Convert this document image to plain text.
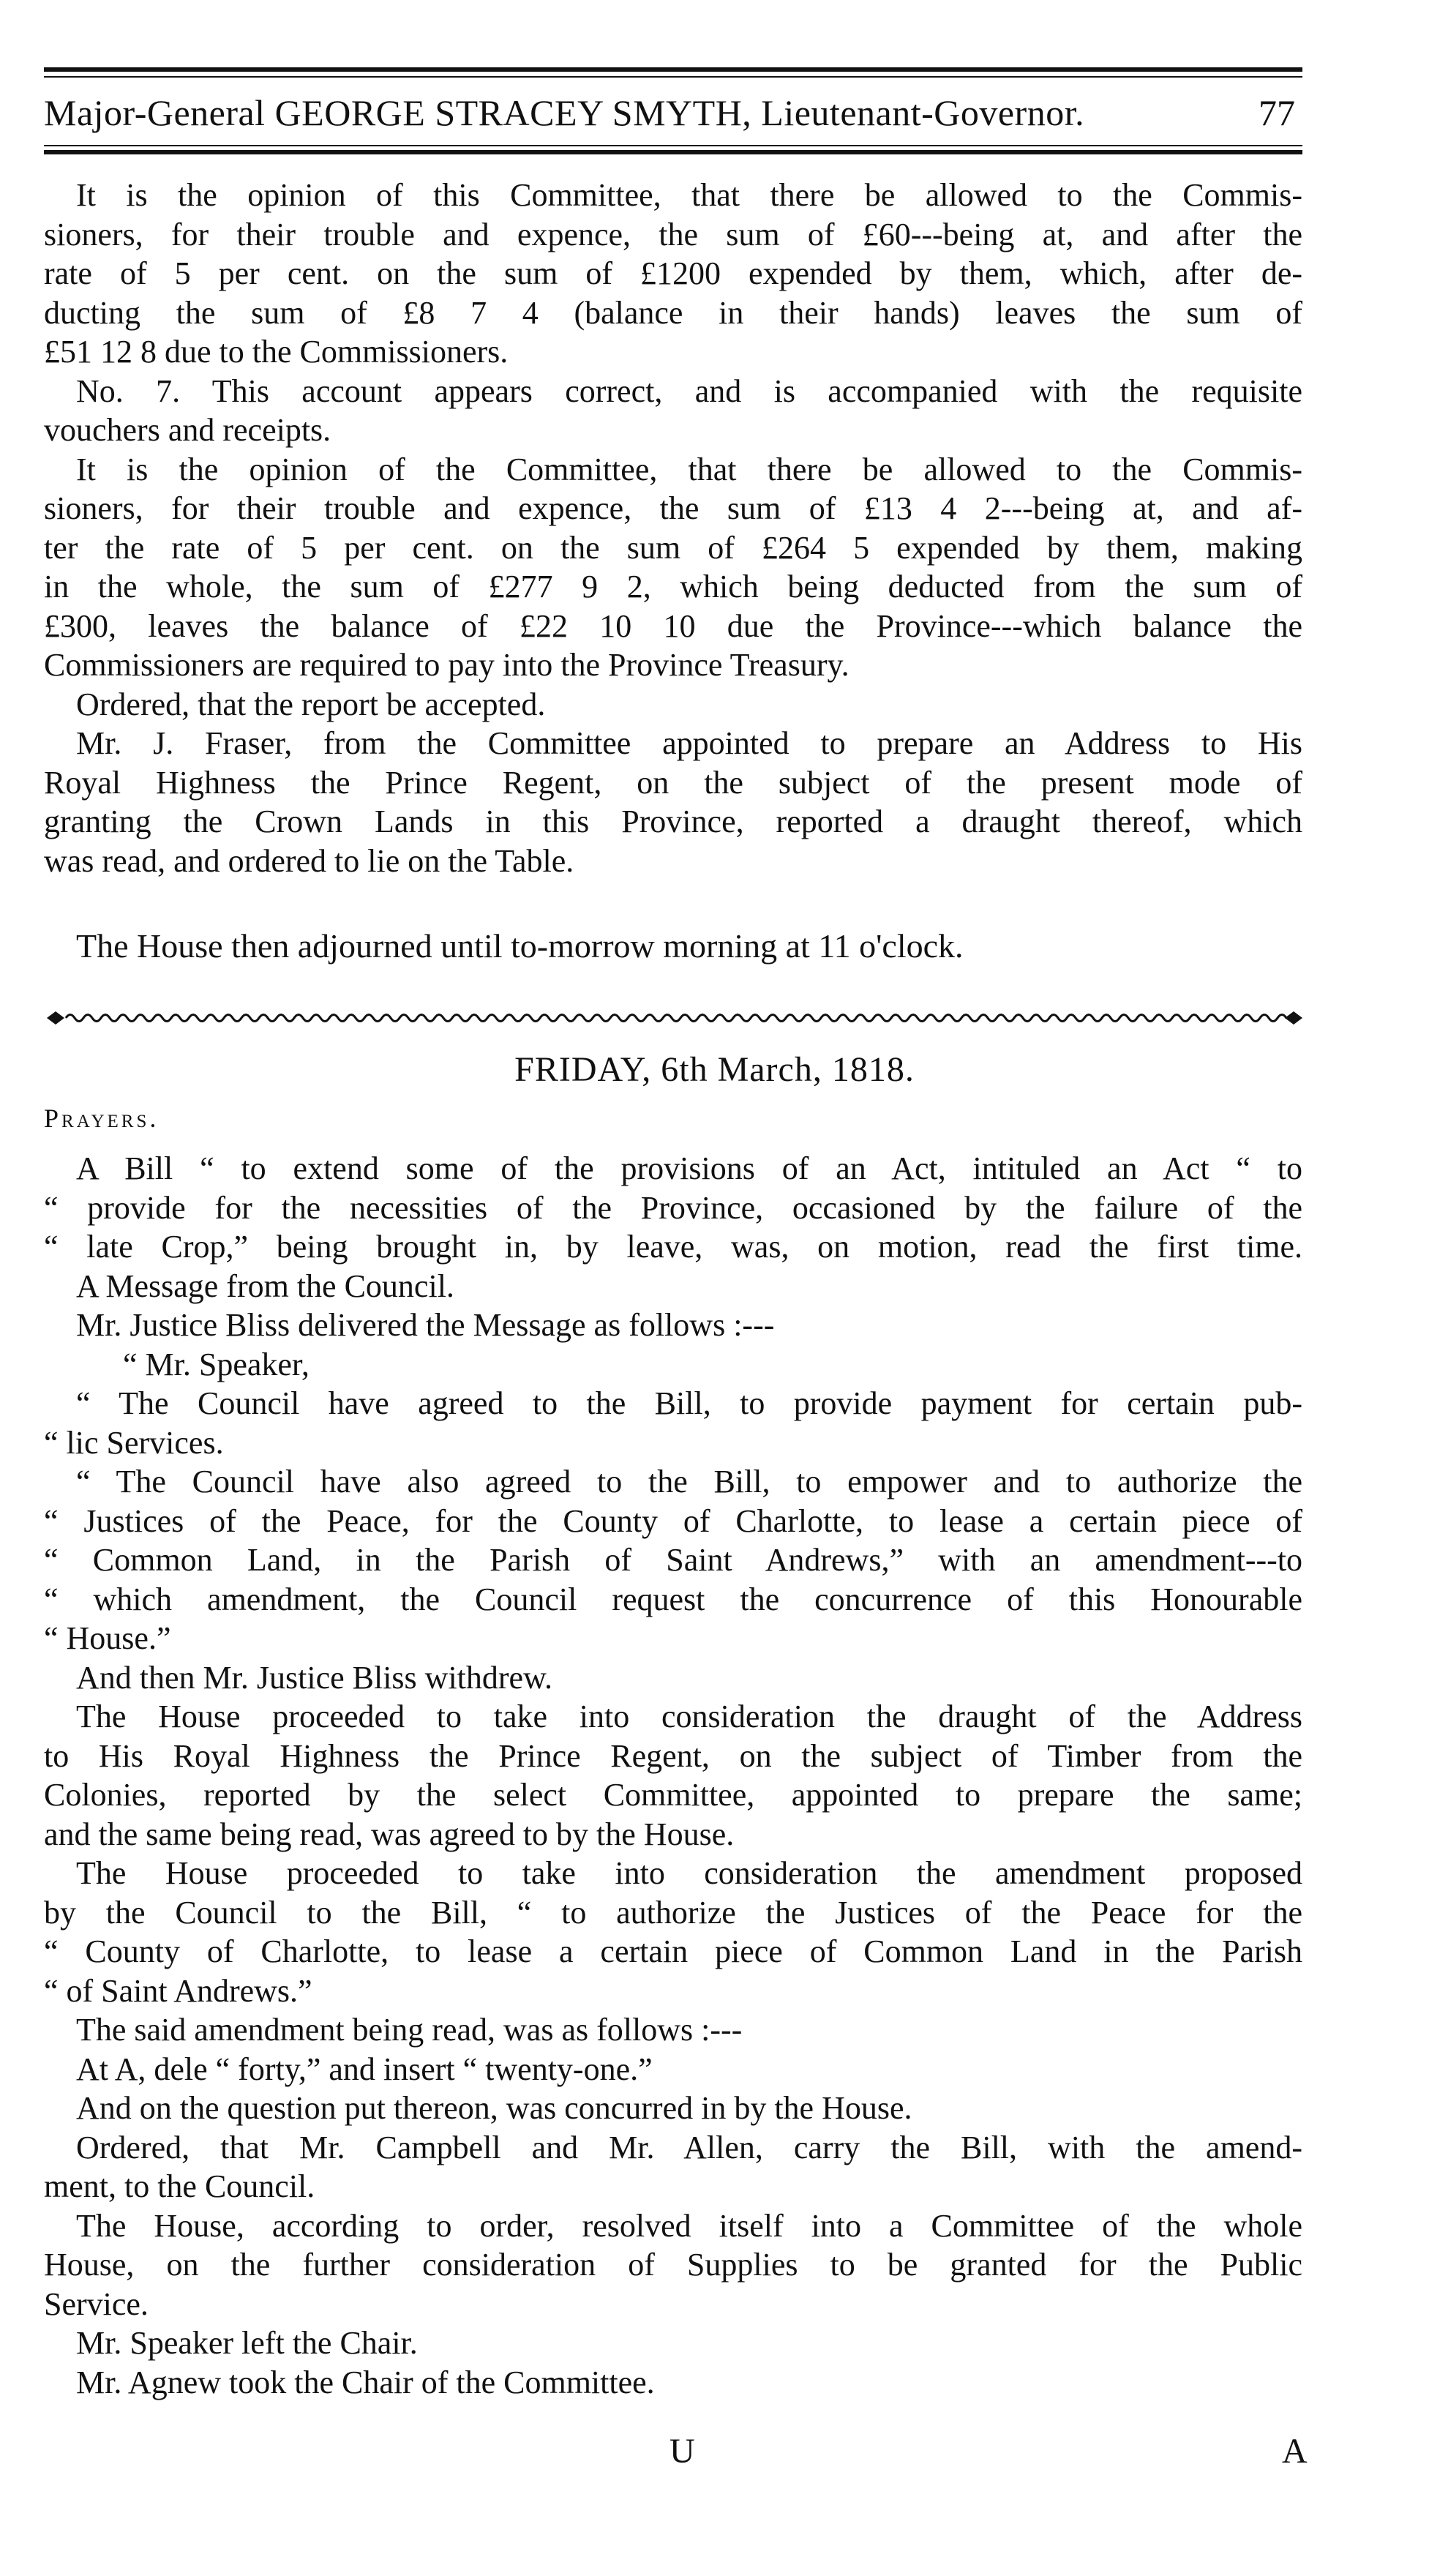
Major-General GEORGE STRACEY SMYTH, Lieutenant-Governor.	77
It is the opinion of this Committee, that there be allowed to the Commis-
sioners, for their trouble and expence, the sum of £60---being at, and after the
rate of 5 per cent. on the sum of £1200 expended by them, which, after de-
ducting the sum of £8 7 4 (balance in their hands) leaves the sum of
£51 12 8 due to the Commissioners.
No. 7. This account appears correct, and is accompanied with the requisite
vouchers and receipts.
It is the opinion of the Committee, that there be allowed to the Commis-
sioners, for their trouble and expence, the sum of £13 4 2---being at, and af-
ter the rate of 5 per cent. on the sum of £264 5 expended by them, making
in the whole, the sum of £277 9 2, which being deducted from the sum of
£300, leaves the balance of £22 10 10 due the Province---which balance the
Commissioners are required to pay into the Province Treasury.
Ordered, that the report be accepted.
Mr. J. Fraser, from the Committee appointed to prepare an Address to His
Royal Highness the Prince Regent, on the subject of the present mode of
granting the Crown Lands in this Province, reported a draught thereof, which
was read, and ordered to lie on the Table.
The House then adjourned until to-morrow morning at 11 o'clock.
FRIDAY, 6th March, 1818.
Prayers.
A Bill “ to extend some of the provisions of an Act, intituled an Act “ to
“ provide for the necessities of the Province, occasioned by the failure of the
“ late Crop,” being brought in, by leave, was, on motion, read the first time.
A Message from the Council.
Mr. Justice Bliss delivered the Message as follows :---
“ Mr. Speaker,
“ The Council have agreed to the Bill, to provide payment for certain pub-
“ lic Services.
“ The Council have also agreed to the Bill, to empower and to authorize the
“ Justices of the Peace, for the County of Charlotte, to lease a certain piece of
“ Common Land, in the Parish of Saint Andrews,” with an amendment---to
“ which amendment, the Council request the concurrence of this Honourable
“ House.”
And then Mr. Justice Bliss withdrew.
The House proceeded to take into consideration the draught of the Address
to His Royal Highness the Prince Regent, on the subject of Timber from the
Colonies, reported by the select Committee, appointed to prepare the same;
and the same being read, was agreed to by the House.
The House proceeded to take into consideration the amendment proposed
by the Council to the Bill, “ to authorize the Justices of the Peace for the
“ County of Charlotte, to lease a certain piece of Common Land in the Parish
“ of Saint Andrews.”
The said amendment being read, was as follows :---
At A, dele “ forty,” and insert “ twenty-one.”
And on the question put thereon, was concurred in by the House.
Ordered, that Mr. Campbell and Mr. Allen, carry the Bill, with the amend-
ment, to the Council.
The House, according to order, resolved itself into a Committee of the whole
House, on the further consideration of Supplies to be granted for the Public
Service.
Mr. Speaker left the Chair.
Mr. Agnew took the Chair of the Committee.
U	A
